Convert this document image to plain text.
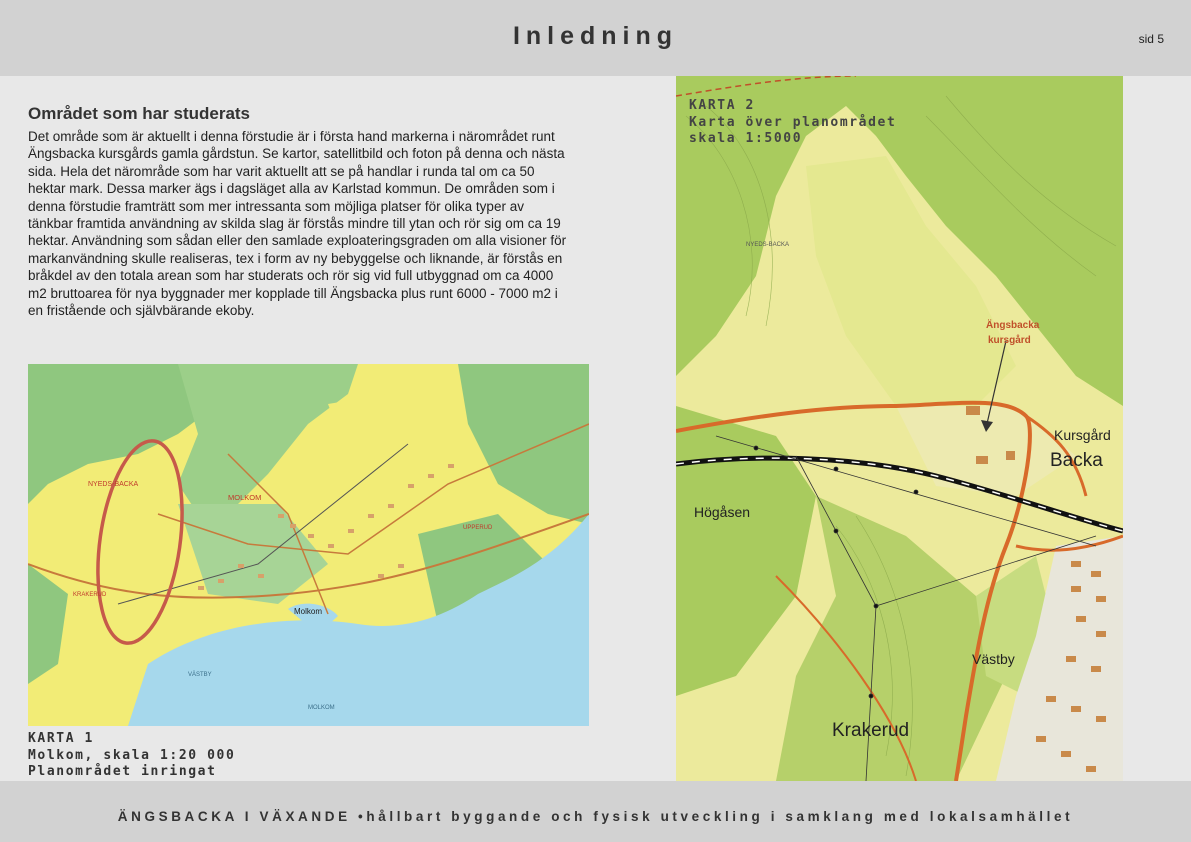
Inledning	sid 5
Området som har studerats
Det område som är aktuellt i denna förstudie är i första hand markerna i närområdet runt Ängsbacka kursgårds gamla gårdstun. Se kartor, satellitbild och foton på denna och nästa sida. Hela det närområde som har varit aktuellt att se på handlar i runda tal om ca 50 hektar mark. Dessa marker ägs i dagsläget alla av Karlstad kommun. De områden som i denna förstudie framträtt som mer intressanta som möjliga platser för olika typer av tänkbar framtida användning av skilda slag är förstås mindre till ytan och rör sig om ca 19 hektar. Användning som sådan eller den samlade exploateringsgraden om alla visioner för markanvändning skulle realiseras, tex i form av ny bebyggelse och liknande, är förstås en bråkdel av den totala arean som har studerats och rör sig vid full utbyggnad om ca 4000 m2 bruttoarea för nya byggnader mer kopplade till Ängsbacka plus runt 6000 - 7000 m2 i en fristående och självbärande ekoby.
NYEDS-BACKA
MOLKOM
Molkom
UPPERUD
KRAKERUD
VÄSTBY
MOLKOM
KARTA 1
Molkom, skala 1:20 000
Planområdet inringat
NYEDS-BACKA
Ängsbacka
kursgård
Kursgård
Backa
Högåsen
Västby
Krakerud
KARTA 2
Karta över planområdet
skala 1:5000
ÄNGSBACKA I VÄXANDE •hållbart byggande och fysisk utveckling i samklang med lokalsamhället
